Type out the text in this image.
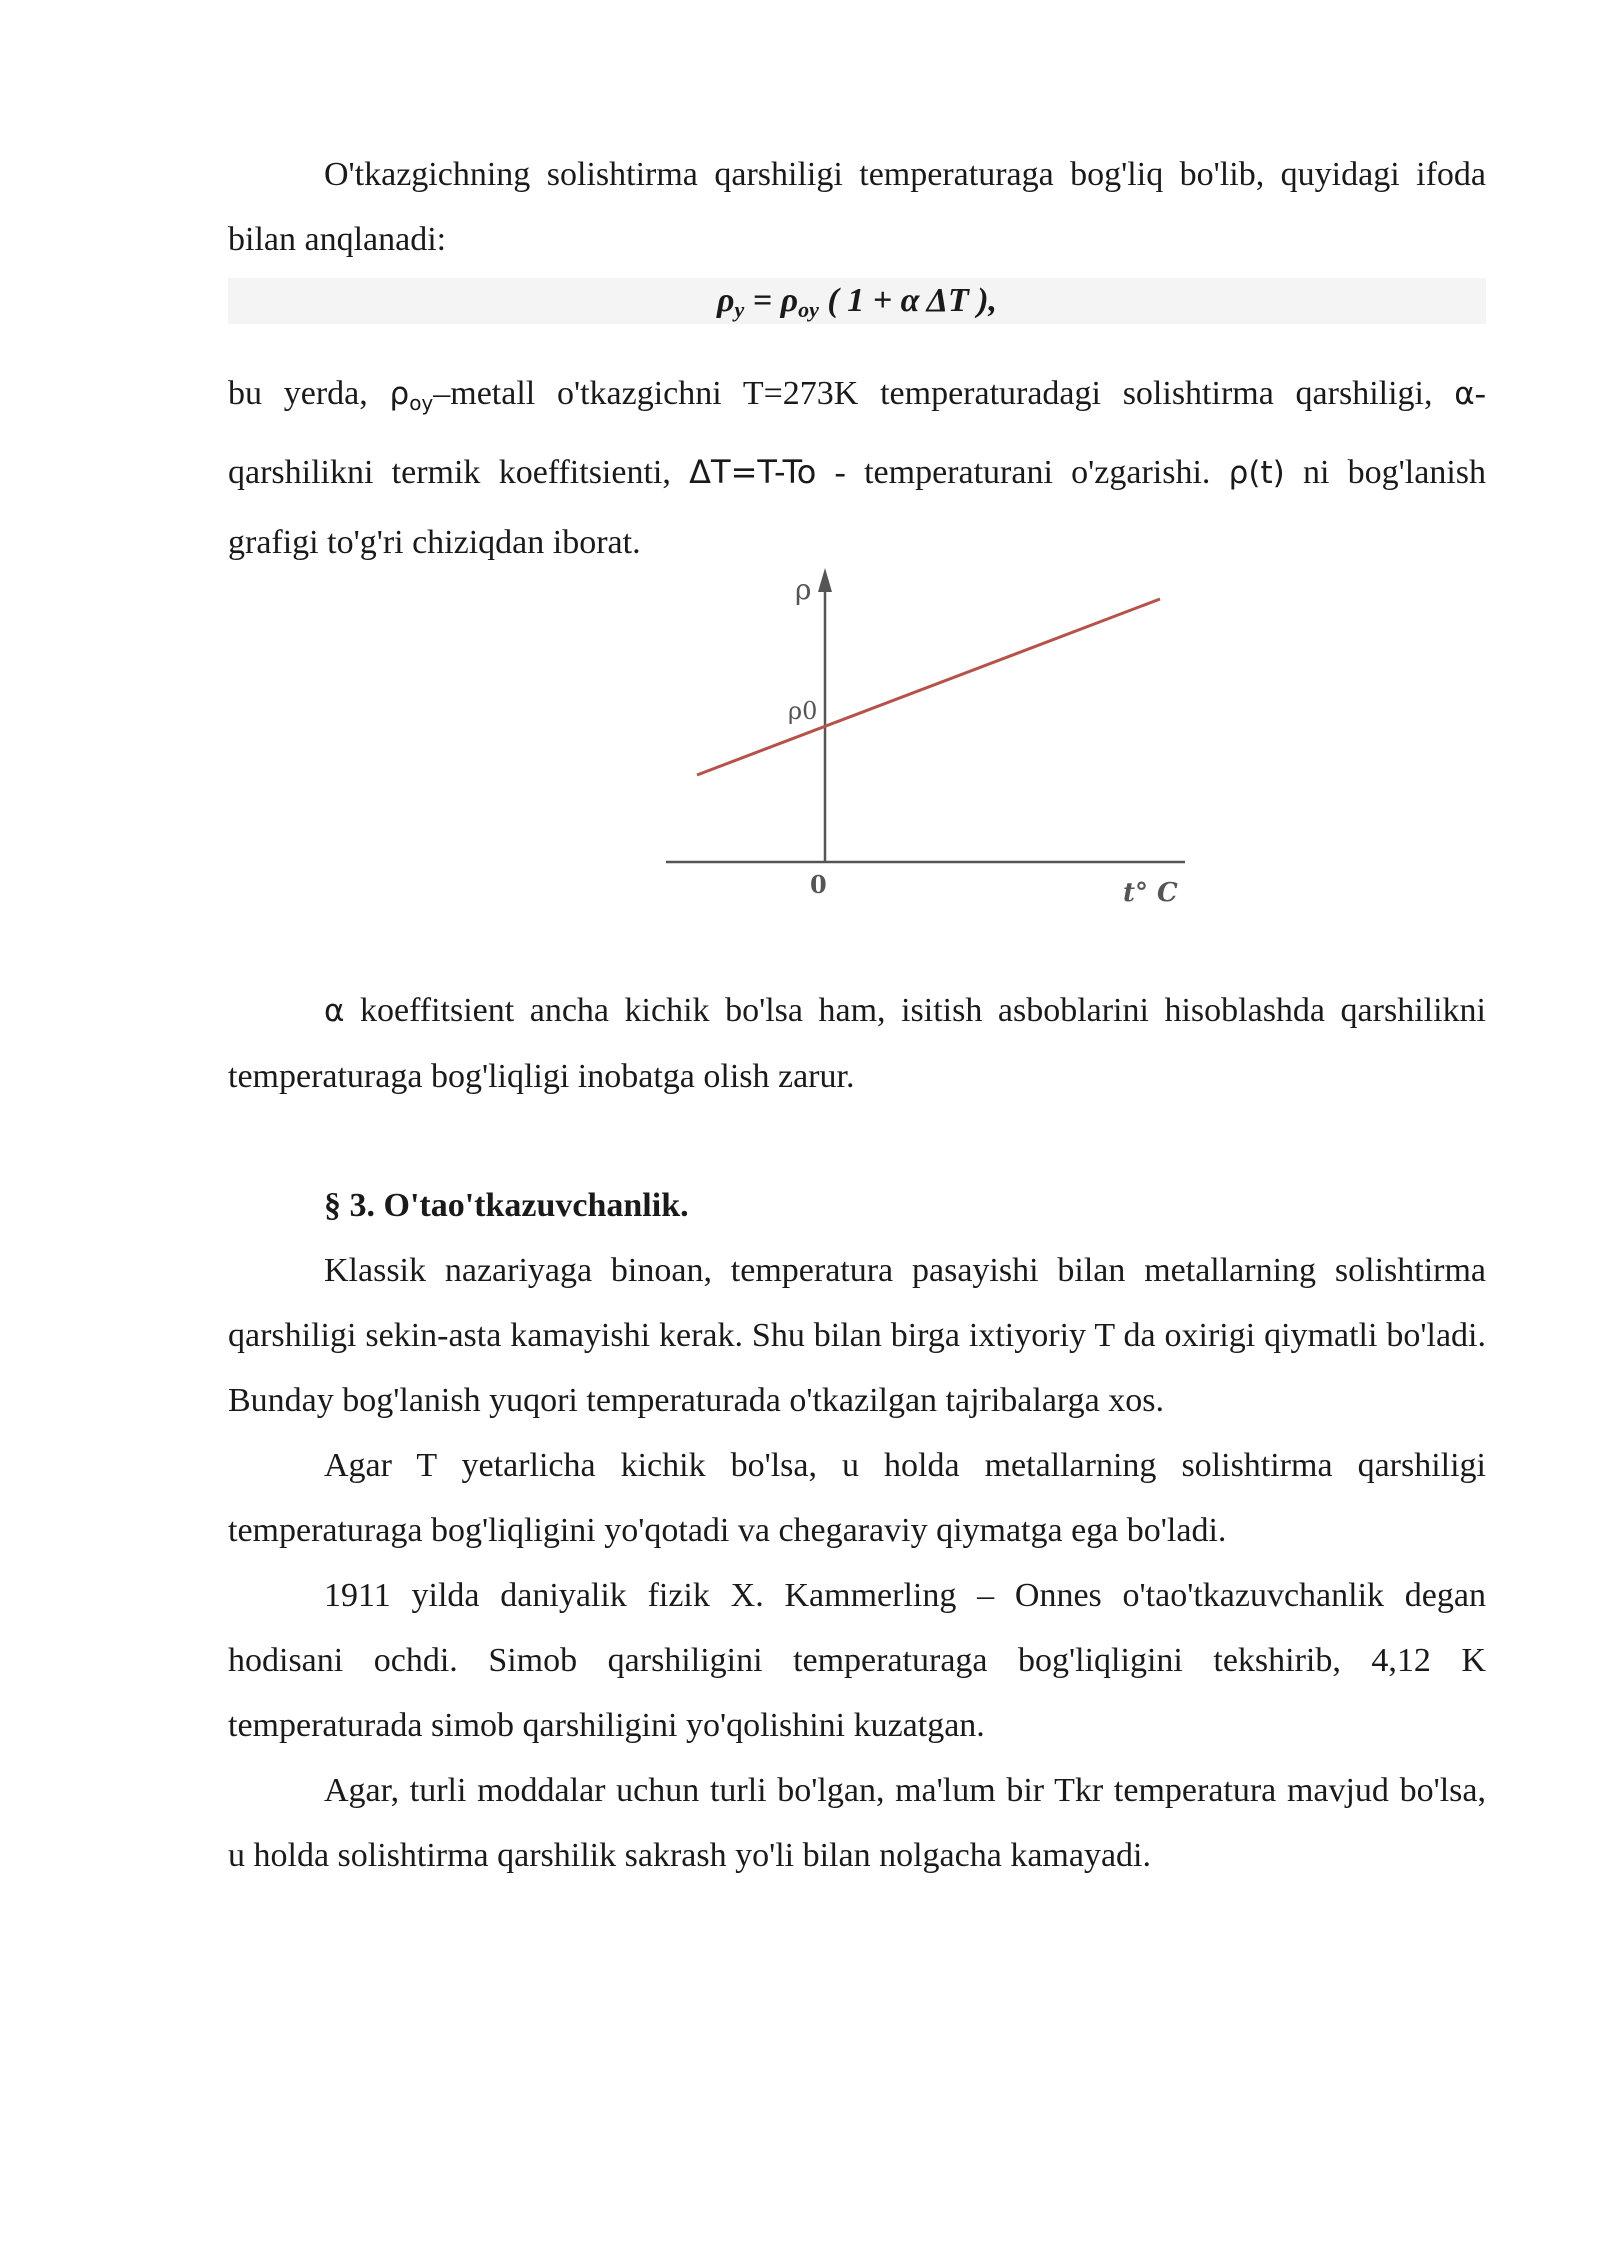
O'tkazgichning solishtirma qarshiligi temperaturaga bog'liq bo'lib, quyidagi ifoda bilan anqlanadi:

$\rho_y = \rho_{oy}$ ( 1 + α ΔT ),

bu yerda, $\rho_{oy}$–metall o'tkazgichni T=273K temperaturadagi solishtirma qarshiligi, α-qarshilikni termik koeffitsienti, ΔT=T-To - temperaturani o'zgarishi. ρ(t) ni bog'lanish grafigi to'g'ri chiziqdan iborat.

ρ
ρ0
0	t° C

α koeffitsient ancha kichik bo'lsa ham, isitish asboblarini hisoblashda qarshilikni temperaturaga bog'liqligi inobatga olish zarur.

§ 3. O'tao'tkazuvchanlik.

Klassik nazariyaga binoan, temperatura pasayishi bilan metallarning solishtirma qarshiligi sekin-asta kamayishi kerak. Shu bilan birga ixtiyoriy T da oxirigi qiymatli bo'ladi. Bunday bog'lanish yuqori temperaturada o'tkazilgan tajribalarga xos.

Agar T yetarlicha kichik bo'lsa, u holda metallarning solishtirma qarshiligi temperaturaga bog'liqligini yo'qotadi va chegaraviy qiymatga ega bo'ladi.

1911 yilda daniyalik fizik X. Kammerling – Onnes o'tao'tkazuvchanlik degan hodisani ochdi. Simob qarshiligini temperaturaga bog'liqligini tekshirib, 4,12 K temperaturada simob qarshiligini yo'qolishini kuzatgan.

Agar, turli moddalar uchun turli bo'lgan, ma'lum bir Tkr temperatura mavjud bo'lsa, u holda solishtirma qarshilik sakrash yo'li bilan nolgacha kamayadi.
